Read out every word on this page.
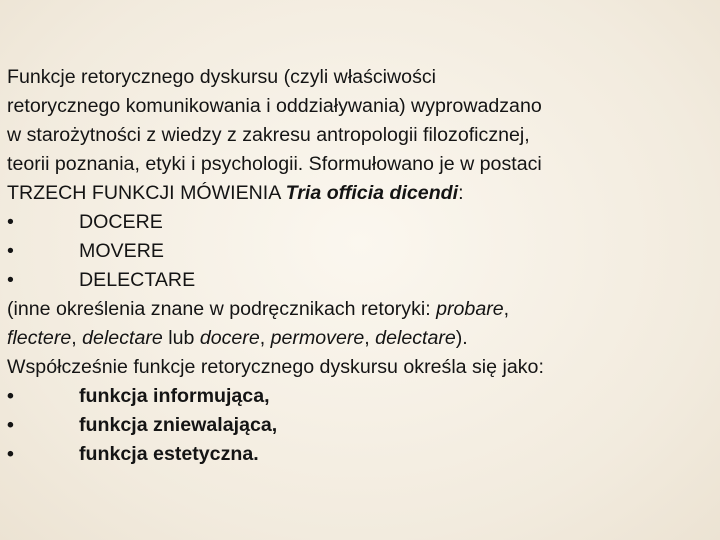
Funkcje retorycznego dyskursu (czyli właściwości
retorycznego komunikowania i oddziaływania) wyprowadzano
w starożytności z wiedzy z zakresu antropologii filozoficznej,
teorii poznania, etyki i psychologii. Sformułowano je w postaci
TRZECH FUNKCJI MÓWIENIA Tria officia dicendi:
•	DOCERE
•	MOVERE
•	DELECTARE
(inne określenia znane w podręcznikach retoryki: probare,
flectere, delectare lub docere, permovere, delectare).
Współcześnie funkcje retorycznego dyskursu określa się jako:
•	funkcja informująca,
•	funkcja zniewalająca,
•	funkcja estetyczna.
